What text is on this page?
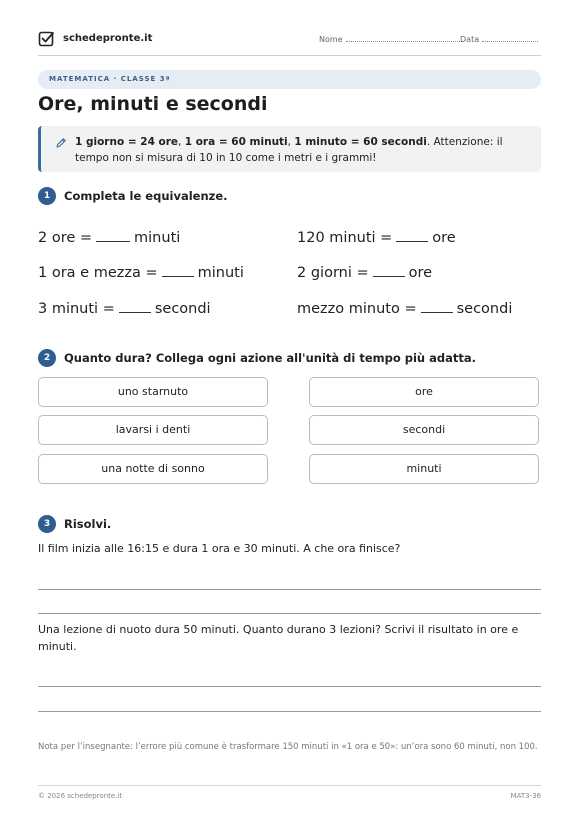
schedepronte.it	Nome	Data
MATEMATICA · CLASSE 3ª
Ore, minuti e secondi
1 giorno = 24 ore, 1 ora = 60 minuti, 1 minuto = 60 secondi. Attenzione: il tempo non si misura di 10 in 10 come i metri e i grammi!
1	Completa le equivalenze.
2 ore =	minuti	120 minuti =	ore
1 ora e mezza =	minuti	2 giorni =	ore
3 minuti =	secondi	mezzo minuto =	secondi
2	Quanto dura? Collega ogni azione all'unità di tempo più adatta.
uno starnuto
lavarsi i denti
una notte di sonno
ore
secondi
minuti
3	Risolvi.
Il film inizia alle 16:15 e dura 1 ora e 30 minuti. A che ora finisce?
Una lezione di nuoto dura 50 minuti. Quanto durano 3 lezioni? Scrivi il risultato in ore e minuti.
Nota per l’insegnante: l’errore più comune è trasformare 150 minuti in «1 ora e 50»: un’ora sono 60 minuti, non 100.
© 2026 schedepronte.it	MAT3-36
